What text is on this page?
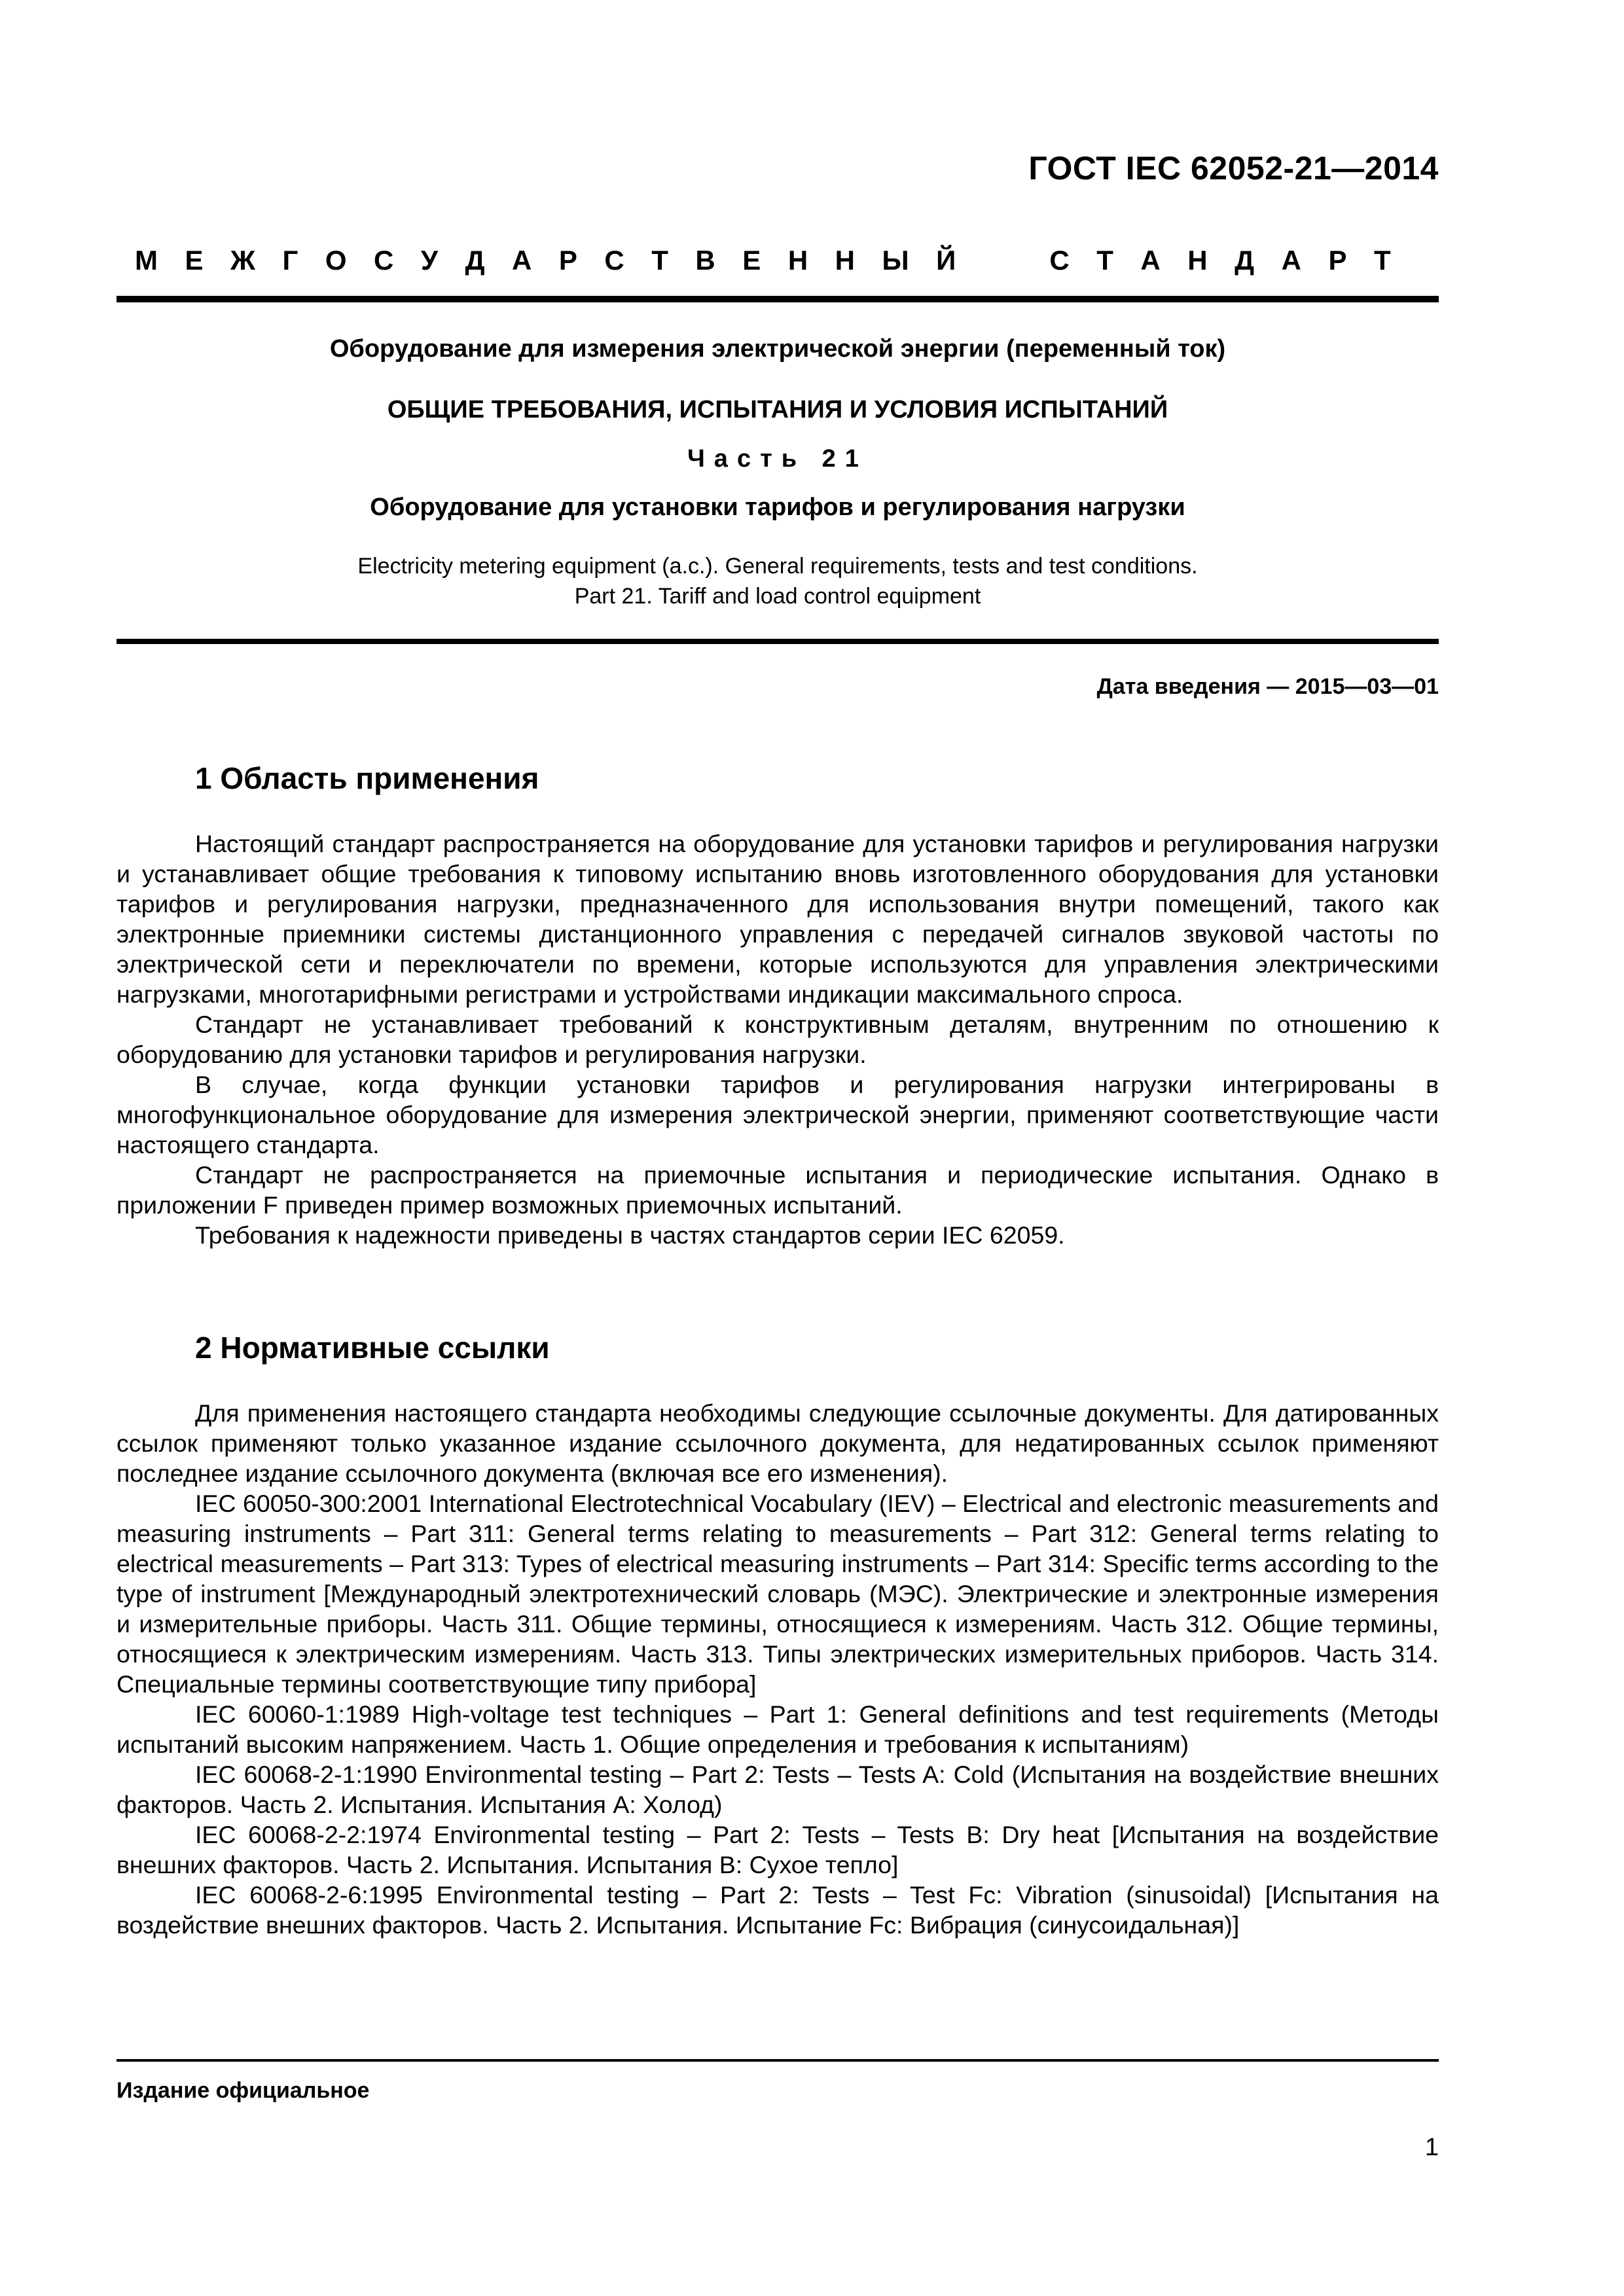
ГОСТ IEC 62052-21—2014
М Е Ж Г О С У Д А Р С Т В Е Н Н Ы Й	С Т А Н Д А Р Т
Оборудование для измерения электрической энергии (переменный ток)
ОБЩИЕ ТРЕБОВАНИЯ, ИСПЫТАНИЯ И УСЛОВИЯ ИСПЫТАНИЙ
Часть 21
Оборудование для установки тарифов и регулирования нагрузки
Electricity metering equipment (a.c.). General requirements, tests and test conditions.
Part 21. Tariff and load control equipment
Дата введения — 2015—03—01
1 Область применения

Настоящий стандарт распространяется на оборудование для установки тарифов и регулирования нагрузки и устанавливает общие требования к типовому испытанию вновь изготовленного оборудования для установки тарифов и регулирования нагрузки, предназначенного для использования внутри помещений, такого как электронные приемники системы дистанционного управления с передачей сигналов звуковой частоты по электрической сети и переключатели по времени, которые используются для управления электрическими нагрузками, многотарифными регистрами и устройствами индикации максимального спроса.

Стандарт не устанавливает требований к конструктивным деталям, внутренним по отношению к оборудованию для установки тарифов и регулирования нагрузки.

В случае, когда функции установки тарифов и регулирования нагрузки интегрированы в многофункциональное оборудование для измерения электрической энергии, применяют соответствующие части настоящего стандарта.

Стандарт не распространяется на приемочные испытания и периодические испытания. Однако в приложении F приведен пример возможных приемочных испытаний.

Требования к надежности приведены в частях стандартов серии IEC 62059.

2 Нормативные ссылки

Для применения настоящего стандарта необходимы следующие ссылочные документы. Для датированных ссылок применяют только указанное издание ссылочного документа, для недатированных ссылок применяют последнее издание ссылочного документа (включая все его изменения).

IEC 60050-300:2001 International Electrotechnical Vocabulary (IEV) – Electrical and electronic measurements and measuring instruments – Part 311: General terms relating to measurements – Part 312: General terms relating to electrical measurements – Part 313: Types of electrical measuring instruments – Part 314: Specific terms according to the type of instrument [Международный электротехнический словарь (МЭС). Электрические и электронные измерения и измерительные приборы. Часть 311. Общие термины, относящиеся к измерениям. Часть 312. Общие термины, относящиеся к электрическим измерениям. Часть 313. Типы электрических измерительных приборов. Часть 314. Специальные термины соответствующие типу прибора]

IEC 60060-1:1989 High-voltage test techniques – Part 1: General definitions and test requirements (Методы испытаний высоким напряжением. Часть 1. Общие определения и требования к испытаниям)

IEC 60068-2-1:1990 Environmental testing – Part 2: Tests – Tests A: Cold (Испытания на воздействие внешних факторов. Часть 2. Испытания. Испытания А: Холод)

IEC 60068-2-2:1974 Environmental testing – Part 2: Tests – Tests B: Dry heat [Испытания на воздействие внешних факторов. Часть 2. Испытания. Испытания В: Сухое тепло]

IEC 60068-2-6:1995 Environmental testing – Part 2: Tests – Test Fc: Vibration (sinusoidal) [Испытания на воздействие внешних факторов. Часть 2. Испытания. Испытание Fc: Вибрация (синусоидальная)]

Издание официальное
1
